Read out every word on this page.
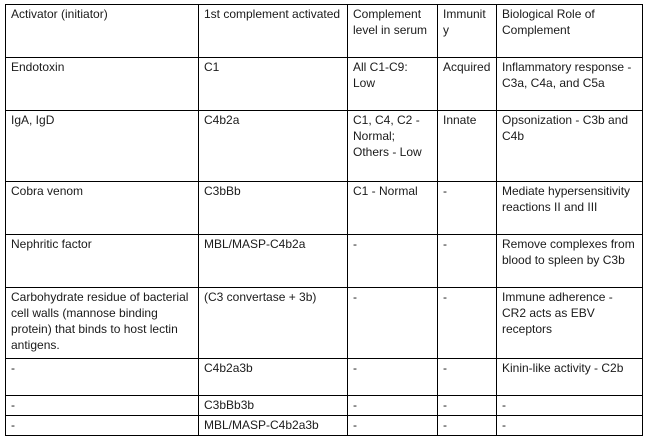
Activator (initiator)	1st complement activated	Complement level in serum	Immunity	Biological Role of Complement
Endotoxin	C1	All C1-C9: Low	Acquired	Inflammatory response - C3a, C4a, and C5a
IgA, IgD	C4b2a	C1, C4, C2 - Normal; Others - Low	Innate	Opsonization - C3b and C4b
Cobra venom	C3bBb	C1 - Normal	-	Mediate hypersensitivity reactions II and III
Nephritic factor	MBL/MASP-C4b2a	-	-	Remove complexes from blood to spleen by C3b
Carbohydrate residue of bacterial cell walls (mannose binding protein) that binds to host lectin antigens.	(C3 convertase + 3b)	-	-	Immune adherence - CR2 acts as EBV receptors
-	C4b2a3b	-	-	Kinin-like activity - C2b
-	C3bBb3b	-	-	-
-	MBL/MASP-C4b2a3b	-	-	-
